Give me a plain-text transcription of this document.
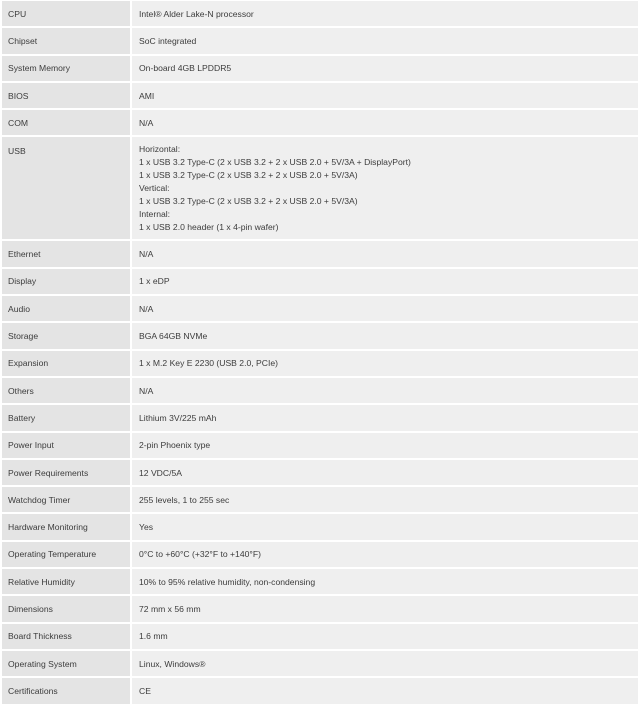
CPU	Intel® Alder Lake-N processor
Chipset	SoC integrated
System Memory	On-board 4GB LPDDR5
BIOS	AMI
COM	N/A
USB	Horizontal:
1 x USB 3.2 Type-C (2 x USB 3.2 + 2 x USB 2.0 + 5V/3A + DisplayPort)
1 x USB 3.2 Type-C (2 x USB 3.2 + 2 x USB 2.0 + 5V/3A)
Vertical:
1 x USB 3.2 Type-C (2 x USB 3.2 + 2 x USB 2.0 + 5V/3A)
Internal:
1 x USB 2.0 header (1 x 4-pin wafer)
Ethernet	N/A
Display	1 x eDP
Audio	N/A
Storage	BGA 64GB NVMe
Expansion	1 x M.2 Key E 2230 (USB 2.0, PCIe)
Others	N/A
Battery	Lithium 3V/225 mAh
Power Input	2-pin Phoenix type
Power Requirements	12 VDC/5A
Watchdog Timer	255 levels, 1 to 255 sec
Hardware Monitoring	Yes
Operating Temperature	0°C to +60°C (+32°F to +140°F)
Relative Humidity	10% to 95% relative humidity, non-condensing
Dimensions	72 mm x 56 mm
Board Thickness	1.6 mm
Operating System	Linux, Windows®
Certifications	CE
